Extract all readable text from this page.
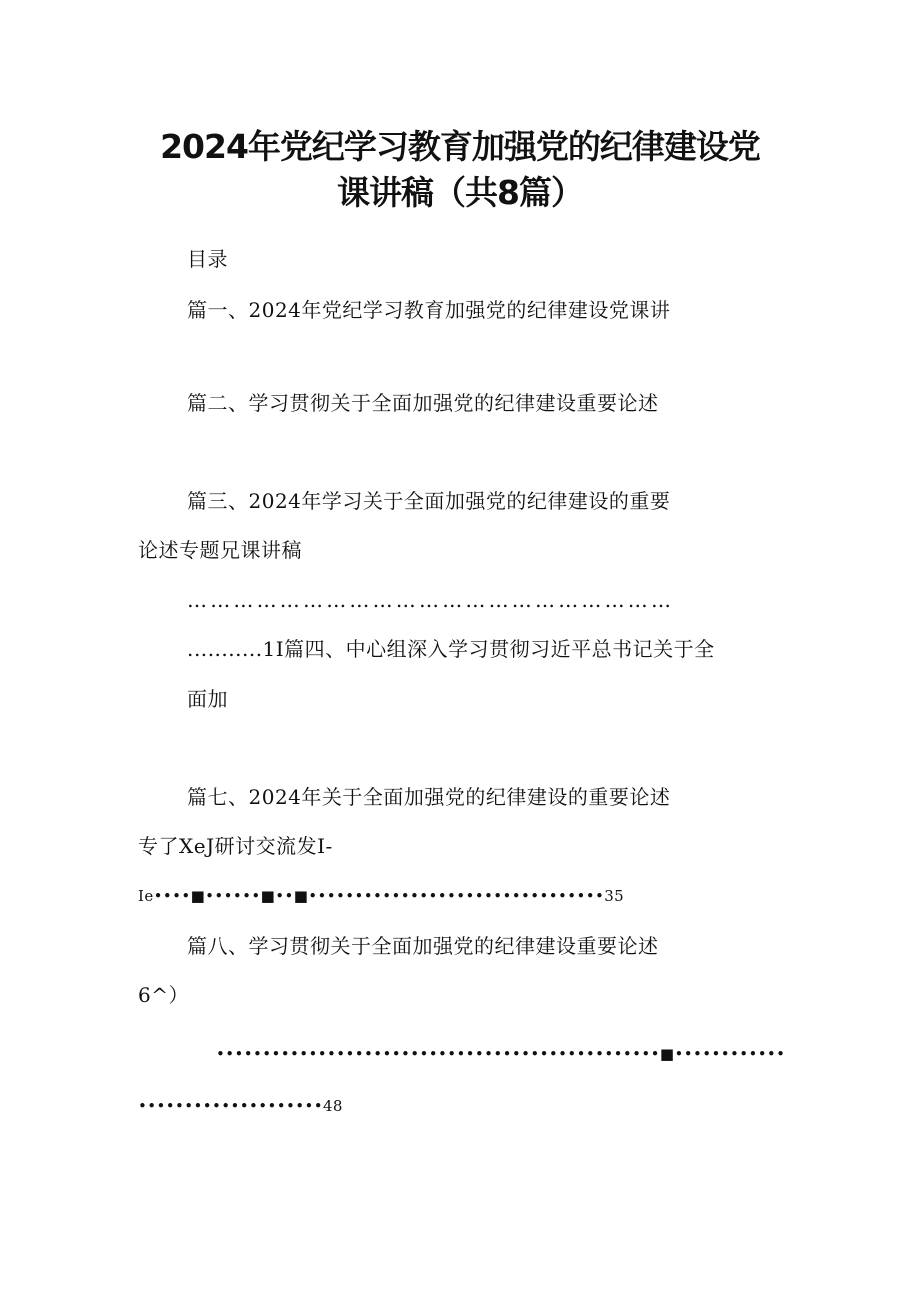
2024年党纪学习教育加强党的纪律建设党
课讲稿（共8篇）
目录
篇一、2024年党纪学习教育加强党的纪律建设党课讲
篇二、学习贯彻关于全面加强党的纪律建设重要论述
篇三、2024年学习关于全面加强党的纪律建设的重要
论述专题兄课讲稿
………………………………………………………
.‥........1I篇四、中心组深入学习贯彻习近平总书记关于全
面加
篇七、2024年关于全面加强党的纪律建设的重要论述
专了XeJ研讨交流发I-
Ie••••■••••••■••■••••••••••••••••••••••••••••••••35
篇八、学习贯彻关于全面加强党的纪律建设重要论述
6^）
••••••••••••••••••••••••••••••••••••••••••••••••■••••••••••••
••••••••••••••••••••48
